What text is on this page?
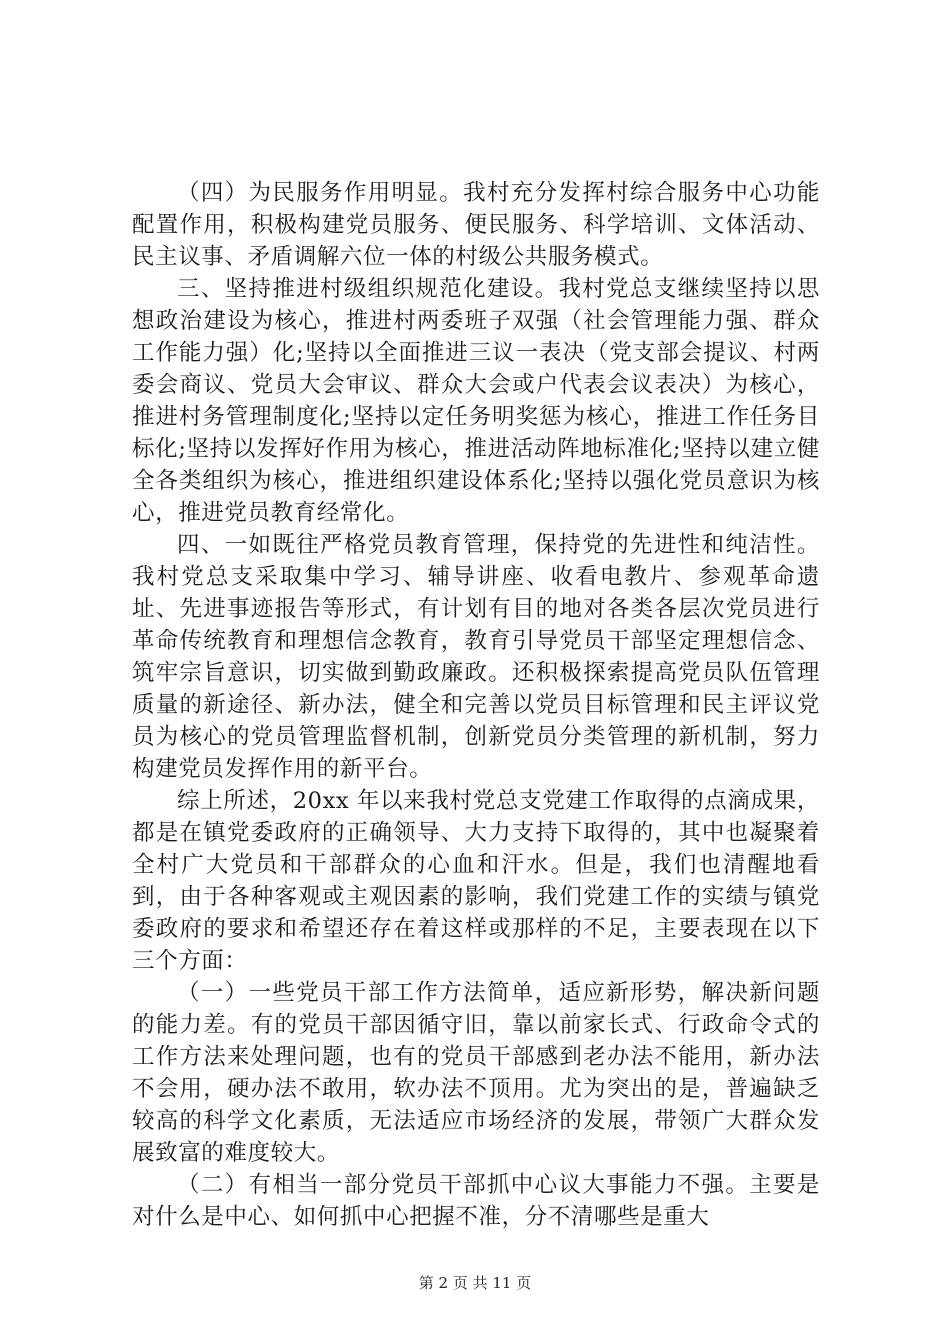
（四）为民服务作用明显。我村充分发挥村综合服务中心功能配置作用，积极构建党员服务、便民服务、科学培训、文体活动、民主议事、矛盾调解六位一体的村级公共服务模式。

三、坚持推进村级组织规范化建设。我村党总支继续坚持以思想政治建设为核心，推进村两委班子双强（社会管理能力强、群众工作能力强）化;坚持以全面推进三议一表决（党支部会提议、村两委会商议、党员大会审议、群众大会或户代表会议表决）为核心，推进村务管理制度化;坚持以定任务明奖惩为核心，推进工作任务目标化;坚持以发挥好作用为核心，推进活动阵地标准化;坚持以建立健全各类组织为核心，推进组织建设体系化;坚持以强化党员意识为核心，推进党员教育经常化。

四、一如既往严格党员教育管理，保持党的先进性和纯洁性。我村党总支采取集中学习、辅导讲座、收看电教片、参观革命遗址、先进事迹报告等形式，有计划有目的地对各类各层次党员进行革命传统教育和理想信念教育，教育引导党员干部坚定理想信念、筑牢宗旨意识，切实做到勤政廉政。还积极探索提高党员队伍管理质量的新途径、新办法，健全和完善以党员目标管理和民主评议党员为核心的党员管理监督机制，创新党员分类管理的新机制，努力构建党员发挥作用的新平台。

综上所述，20xx 年以来我村党总支党建工作取得的点滴成果，都是在镇党委政府的正确领导、大力支持下取得的，其中也凝聚着全村广大党员和干部群众的心血和汗水。但是，我们也清醒地看到，由于各种客观或主观因素的影响，我们党建工作的实绩与镇党委政府的要求和希望还存在着这样或那样的不足，主要表现在以下三个方面：

（一）一些党员干部工作方法简单，适应新形势，解决新问题的能力差。有的党员干部因循守旧，靠以前家长式、行政命令式的工作方法来处理问题，也有的党员干部感到老办法不能用，新办法不会用，硬办法不敢用，软办法不顶用。尤为突出的是，普遍缺乏较高的科学文化素质，无法适应市场经济的发展，带领广大群众发展致富的难度较大。

（二）有相当一部分党员干部抓中心议大事能力不强。主要是对什么是中心、如何抓中心把握不准，分不清哪些是重大

第 2 页 共 11 页
